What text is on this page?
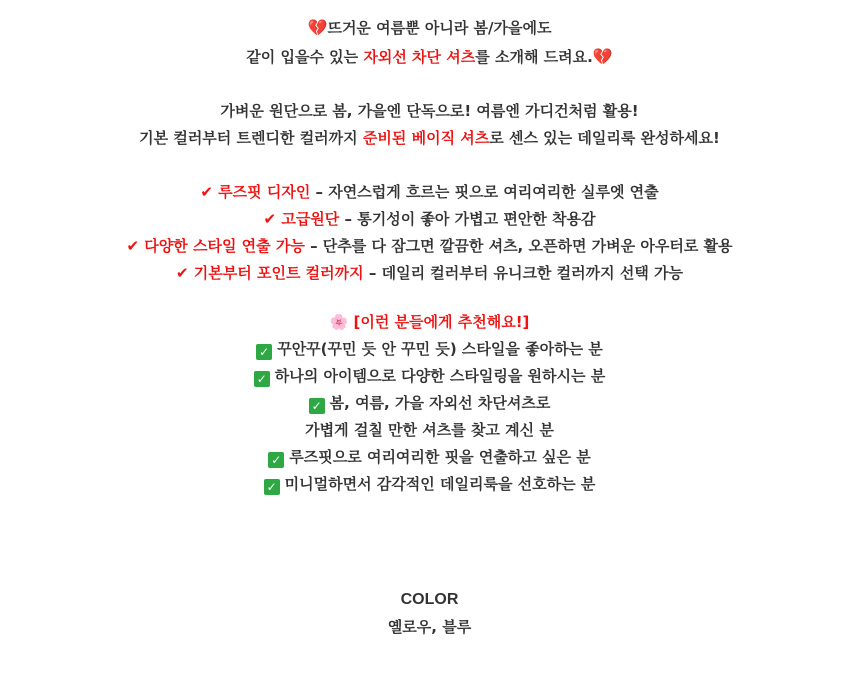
💔뜨거운 여름뿐 아니라 봄/가을에도
같이 입을수 있는 자외선 차단 셔츠를 소개해 드려요.💔
가벼운 원단으로 봄, 가을엔 단독으로! 여름엔 가디건처럼 활용!
기본 컬러부터 트렌디한 컬러까지 준비된 베이직 셔츠로 센스 있는 데일리룩 완성하세요!
✔ 루즈핏 디자인 – 자연스럽게 흐르는 핏으로 여리여리한 실루엣 연출
✔ 고급원단 – 통기성이 좋아 가볍고 편안한 착용감
✔ 다양한 스타일 연출 가능 – 단추를 다 잠그면 깔끔한 셔츠, 오픈하면 가벼운 아우터로 활용
✔ 기본부터 포인트 컬러까지 – 데일리 컬러부터 유니크한 컬러까지 선택 가능
🌸 [이런 분들에게 추천해요!]
✓ 꾸안꾸(꾸민 듯 안 꾸민 듯) 스타일을 좋아하는 분
✓ 하나의 아이템으로 다양한 스타일링을 원하시는 분
✓ 봄, 여름, 가을 자외선 차단셔츠로
가볍게 걸칠 만한 셔츠를 찾고 계신 분
✓ 루즈핏으로 여리여리한 핏을 연출하고 싶은 분
✓ 미니멀하면서 감각적인 데일리룩을 선호하는 분
COLOR
옐로우, 블루
